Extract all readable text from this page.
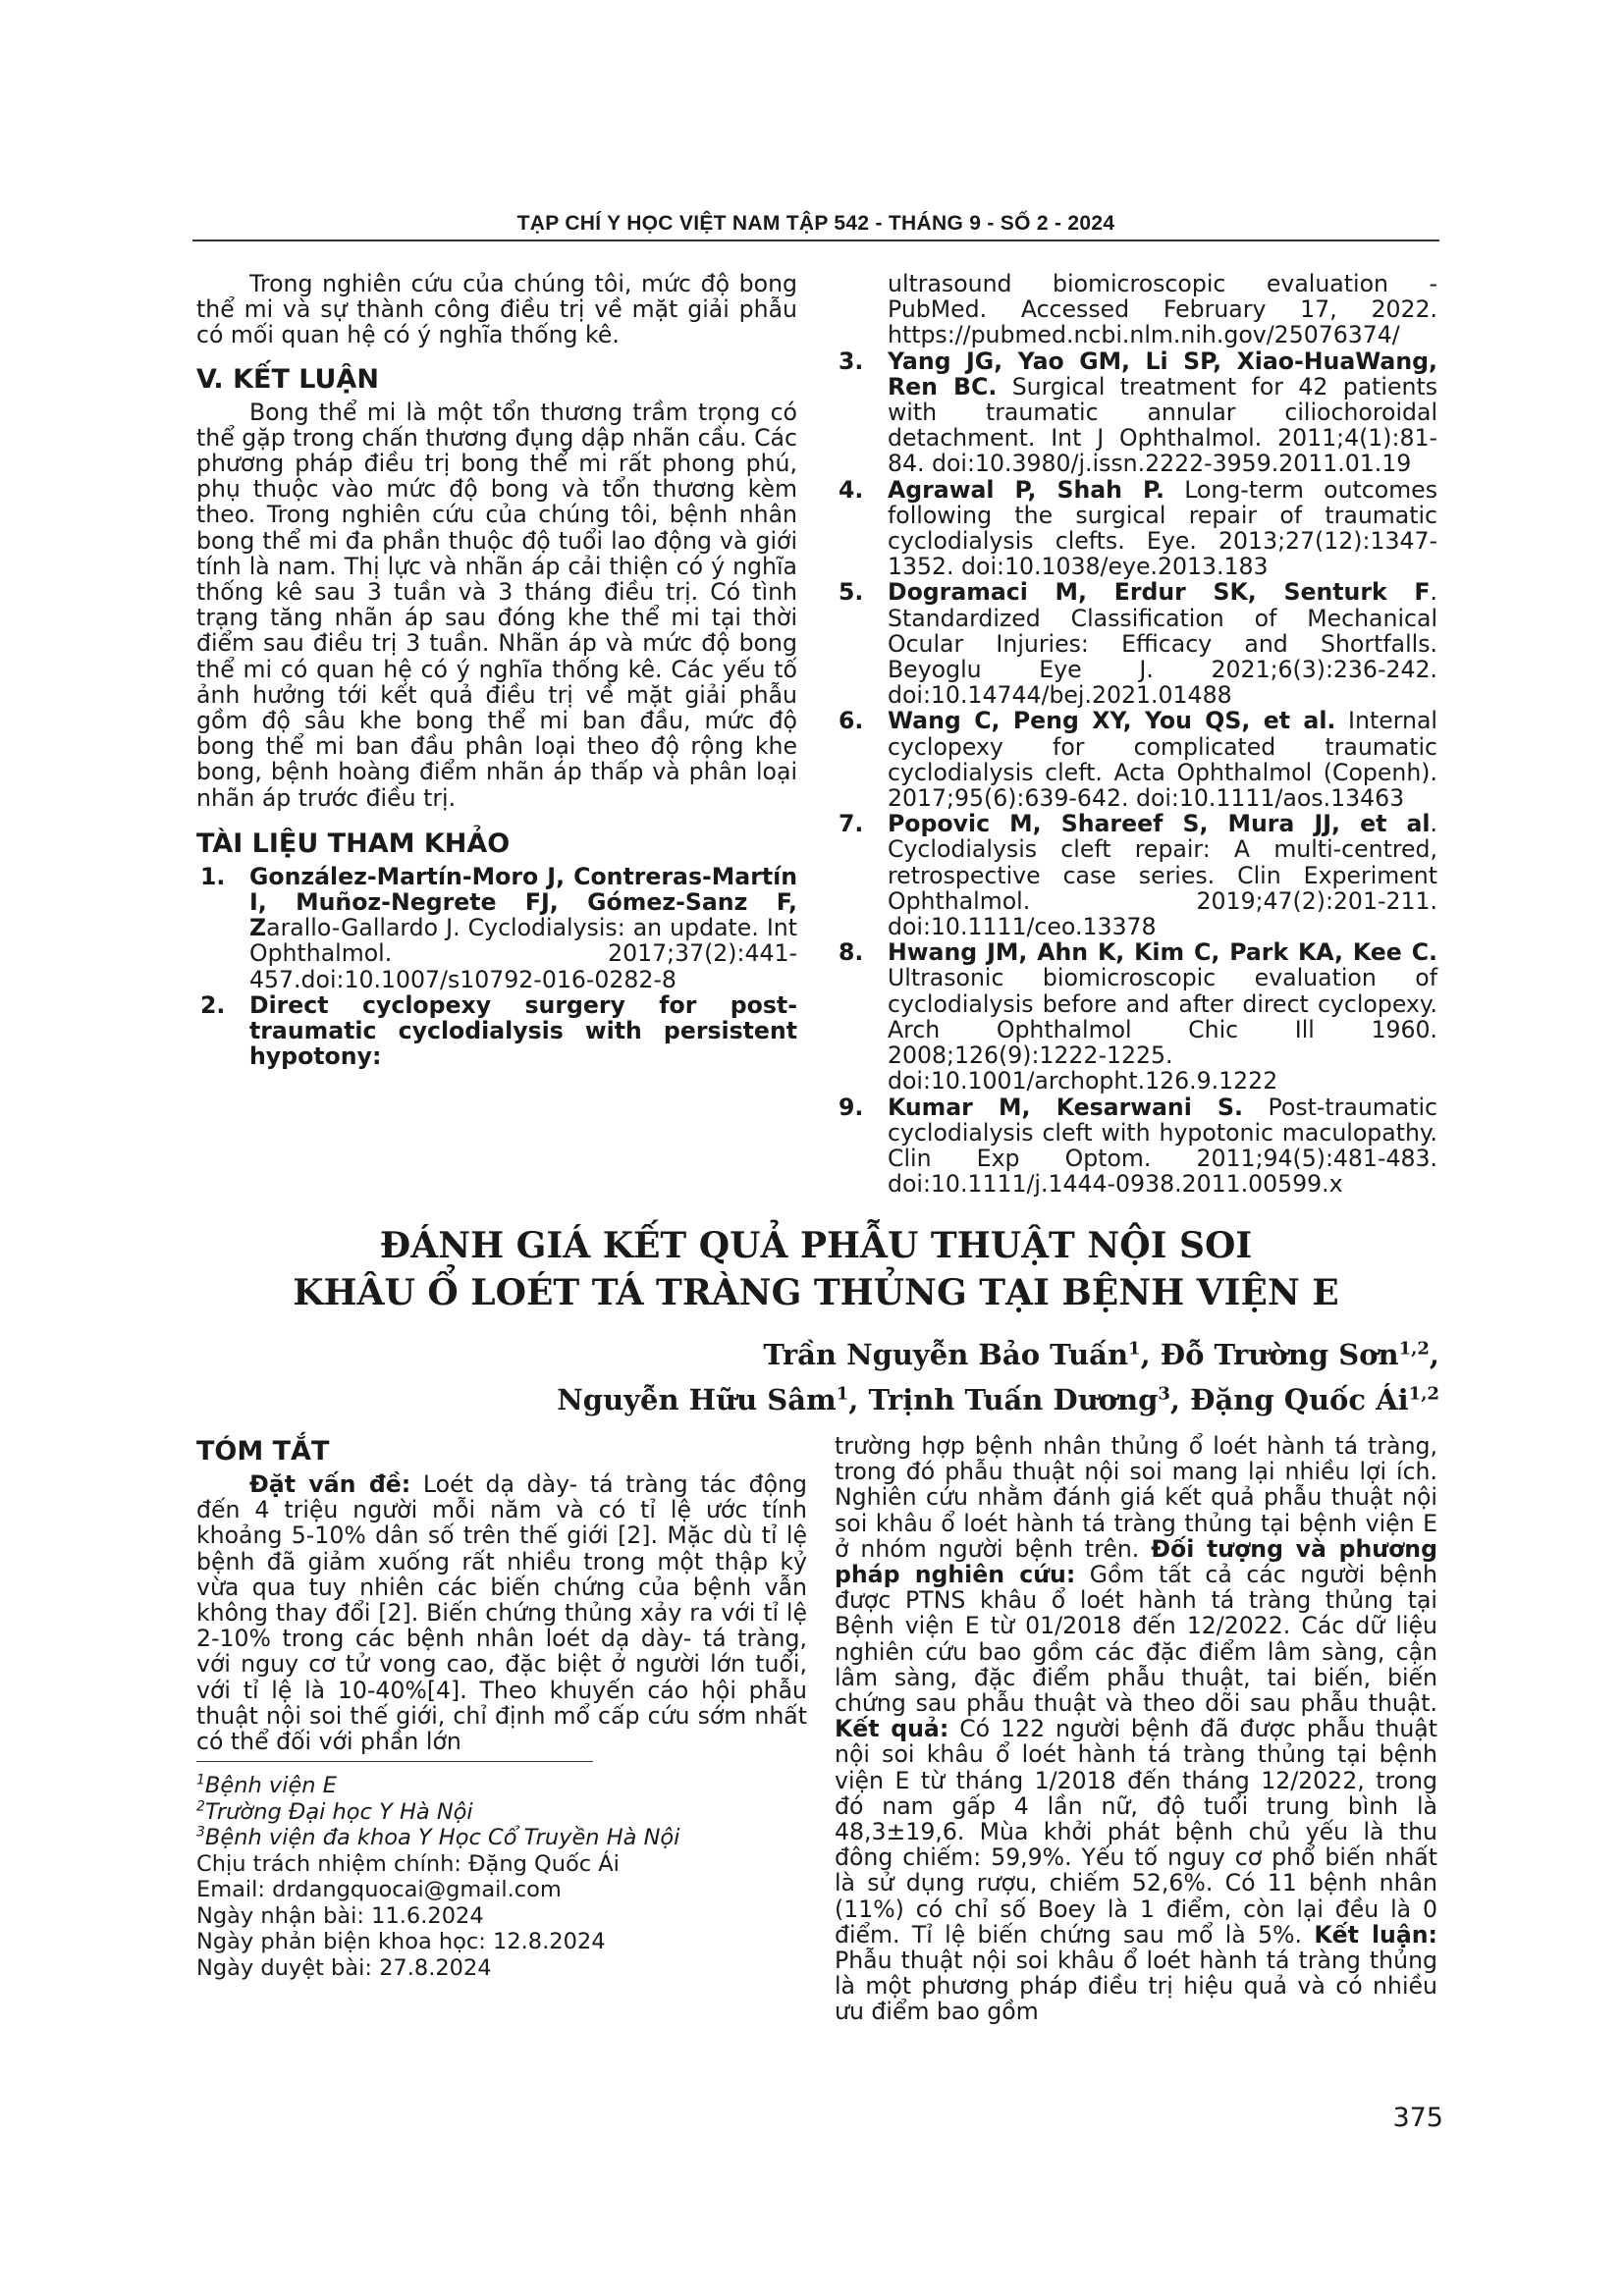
TẠP CHÍ Y HỌC VIỆT NAM TẬP 542 - THÁNG 9 - SỐ 2 - 2024

Trong nghiên cứu của chúng tôi, mức độ bong thể mi và sự thành công điều trị về mặt giải phẫu có mối quan hệ có ý nghĩa thống kê.

V. KẾT LUẬN

Bong thể mi là một tổn thương trầm trọng có thể gặp trong chấn thương đụng dập nhãn cầu. Các phương pháp điều trị bong thể mi rất phong phú, phụ thuộc vào mức độ bong và tổn thương kèm theo. Trong nghiên cứu của chúng tôi, bệnh nhân bong thể mi đa phần thuộc độ tuổi lao động và giới tính là nam. Thị lực và nhãn áp cải thiện có ý nghĩa thống kê sau 3 tuần và 3 tháng điều trị. Có tình trạng tăng nhãn áp sau đóng khe thể mi tại thời điểm sau điều trị 3 tuần. Nhãn áp và mức độ bong thể mi có quan hệ có ý nghĩa thống kê. Các yếu tố ảnh hưởng tới kết quả điều trị về mặt giải phẫu gồm độ sâu khe bong thể mi ban đầu, mức độ bong thể mi ban đầu phân loại theo độ rộng khe bong, bệnh hoàng điểm nhãn áp thấp và phân loại nhãn áp trước điều trị.

TÀI LIỆU THAM KHẢO
1. González-Martín-Moro J, Contreras-Martín I, Muñoz-Negrete FJ, Gómez-Sanz F, Zarallo-Gallardo J. Cyclodialysis: an update. Int Ophthalmol. 2017;37(2):441-457.doi:10.1007/s10792-016-0282-8
2. Direct cyclopexy surgery for post-traumatic cyclodialysis with persistent hypotony:

ultrasound biomicroscopic evaluation - PubMed. Accessed February 17, 2022. https://pubmed.ncbi.nlm.nih.gov/25076374/

3. Yang JG, Yao GM, Li SP, Xiao-HuaWang, Ren BC. Surgical treatment for 42 patients with traumatic annular ciliochoroidal detachment. Int J Ophthalmol. 2011;4(1):81-84. doi:10.3980/j.issn.2222-3959.2011.01.19
4. Agrawal P, Shah P. Long-term outcomes following the surgical repair of traumatic cyclodialysis clefts. Eye. 2013;27(12):1347-1352. doi:10.1038/eye.2013.183
5. Dogramaci M, Erdur SK, Senturk F. Standardized Classification of Mechanical Ocular Injuries: Efficacy and Shortfalls. Beyoglu Eye J. 2021;6(3):236-242. doi:10.14744/bej.2021.01488
6. Wang C, Peng XY, You QS, et al. Internal cyclopexy for complicated traumatic cyclodialysis cleft. Acta Ophthalmol (Copenh). 2017;95(6):639-642. doi:10.1111/aos.13463
7. Popovic M, Shareef S, Mura JJ, et al. Cyclodialysis cleft repair: A multi-centred, retrospective case series. Clin Experiment Ophthalmol. 2019;47(2):201-211. doi:10.1111/ceo.13378
8. Hwang JM, Ahn K, Kim C, Park KA, Kee C. Ultrasonic biomicroscopic evaluation of cyclodialysis before and after direct cyclopexy. Arch Ophthalmol Chic Ill 1960. 2008;126(9):1222-1225. doi:10.1001/archopht.126.9.1222
9. Kumar M, Kesarwani S. Post-traumatic cyclodialysis cleft with hypotonic maculopathy. Clin Exp Optom. 2011;94(5):481-483. doi:10.1111/j.1444-0938.2011.00599.x
ĐÁNH GIÁ KẾT QUẢ PHẪU THUẬT NỘI SOI
KHÂU Ổ LOÉT TÁ TRÀNG THỦNG TẠI BỆNH VIỆN E
Trần Nguyễn Bảo Tuấn$^1$, Đỗ Trường Sơn$^{1,2}$,
Nguyễn Hữu Sâm$^1$, Trịnh Tuấn Dương$^3$, Đặng Quốc Ái$^{1,2}$
TÓM TẮT

Đặt vấn đề: Loét dạ dày- tá tràng tác động đến 4 triệu người mỗi năm và có tỉ lệ ước tính khoảng 5-10% dân số trên thế giới [2]. Mặc dù tỉ lệ bệnh đã giảm xuống rất nhiều trong một thập kỷ vừa qua tuy nhiên các biến chứng của bệnh vẫn không thay đổi [2]. Biến chứng thủng xảy ra với tỉ lệ 2-10% trong các bệnh nhân loét dạ dày- tá tràng, với nguy cơ tử vong cao, đặc biệt ở người lớn tuổi, với tỉ lệ là 10-40%[4]. Theo khuyến cáo hội phẫu thuật nội soi thế giới, chỉ định mổ cấp cứu sớm nhất có thể đối với phần lớn

trường hợp bệnh nhân thủng ổ loét hành tá tràng, trong đó phẫu thuật nội soi mang lại nhiều lợi ích. Nghiên cứu nhằm đánh giá kết quả phẫu thuật nội soi khâu ổ loét hành tá tràng thủng tại bệnh viện E ở nhóm người bệnh trên. Đối tượng và phương pháp nghiên cứu: Gồm tất cả các người bệnh được PTNS khâu ổ loét hành tá tràng thủng tại Bệnh viện E từ 01/2018 đến 12/2022. Các dữ liệu nghiên cứu bao gồm các đặc điểm lâm sàng, cận lâm sàng, đặc điểm phẫu thuật, tai biến, biến chứng sau phẫu thuật và theo dõi sau phẫu thuật. Kết quả: Có 122 người bệnh đã được phẫu thuật nội soi khâu ổ loét hành tá tràng thủng tại bệnh viện E từ tháng 1/2018 đến tháng 12/2022, trong đó nam gấp 4 lần nữ, độ tuổi trung bình là 48,3±19,6. Mùa khởi phát bệnh chủ yếu là thu đông chiếm: 59,9%. Yếu tố nguy cơ phổ biến nhất là sử dụng rượu, chiếm 52,6%. Có 11 bệnh nhân (11%) có chỉ số Boey là 1 điểm, còn lại đều là 0 điểm. Tỉ lệ biến chứng sau mổ là 5%. Kết luận: Phẫu thuật nội soi khâu ổ loét hành tá tràng thủng là một phương pháp điều trị hiệu quả và có nhiều ưu điểm bao gồm

$^1$Bệnh viện E
$^2$Trường Đại học Y Hà Nội
$^3$Bệnh viện đa khoa Y Học Cổ Truyền Hà Nội
Chịu trách nhiệm chính: Đặng Quốc Ái
Email: drdangquocai@gmail.com
Ngày nhận bài: 11.6.2024
Ngày phản biện khoa học: 12.8.2024
Ngày duyệt bài: 27.8.2024
375
